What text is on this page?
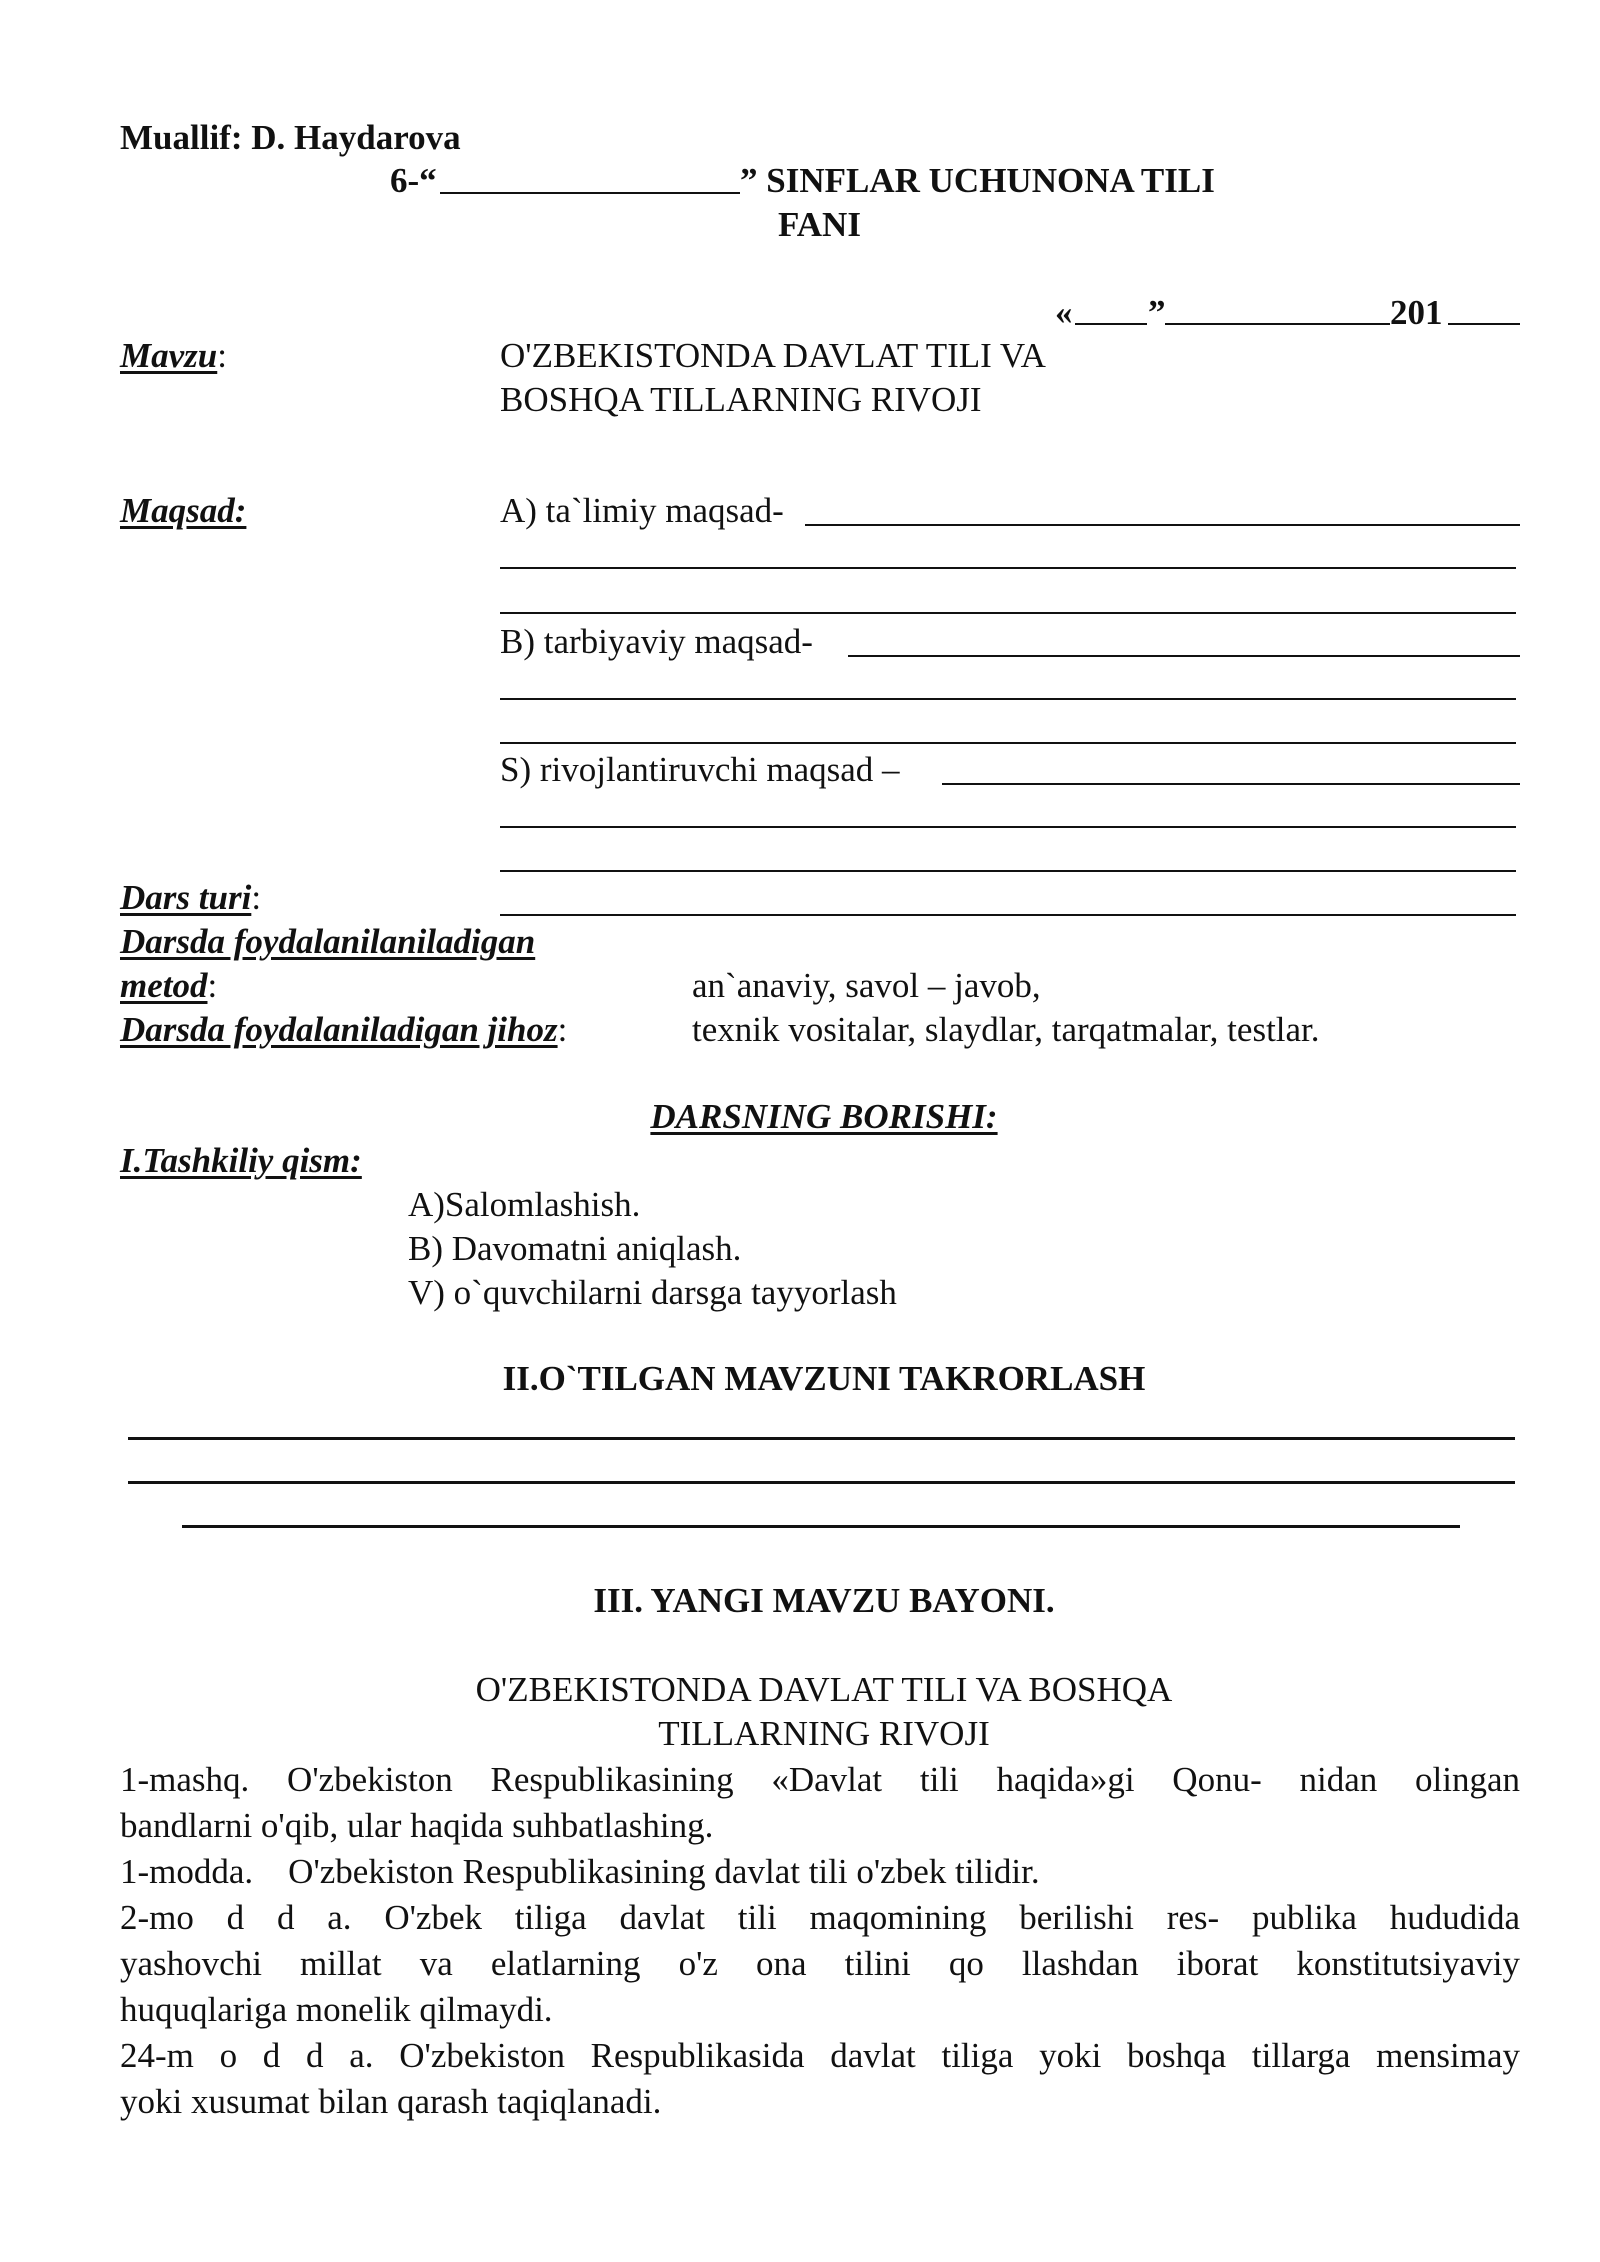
Muallif: D. Haydarova
6-“	” SINFLAR UCHUNONA TILI
FANI
« ”	201
Mavzu:	O'ZBEKISTONDA DAVLAT TILI VA
BOSHQA TILLARNING RIVOJI
Maqsad:	A) ta`limiy maqsad-
B) tarbiyaviy maqsad-
S) rivojlantiruvchi maqsad –
Dars turi:
Darsda foydalanilaniladigan
metod:	an`anaviy, savol – javob,
Darsda foydalaniladigan jihoz:	texnik vositalar, slaydlar, tarqatmalar, testlar.
DARSNING BORISHI:
I.Tashkiliy qism:
A)Salomlashish.
B) Davomatni aniqlash.
V) o`quvchilarni darsga tayyorlash
II.O`TILGAN MAVZUNI TAKRORLASH
III. YANGI MAVZU BAYONI.
O'ZBEKISTONDA DAVLAT TILI VA BOSHQA
TILLARNING RIVOJI
1-mashq. O'zbekiston Respublikasining «Davlat tili haqida»gi Qonu- nidan olingan
bandlarni o'qib, ular haqida suhbatlashing.
1-modda.    O'zbekiston Respublikasining davlat tili o'zbek tilidir.
2-mo d d a. O'zbek tiliga davlat tili maqomining berilishi res- publika hududida
yashovchi millat va elatlarning o'z ona tilini qo llashdan iborat konstitutsiyaviy
huquqlariga monelik qilmaydi.
24-m o d d a. O'zbekiston Respublikasida davlat tiliga yoki boshqa tillarga mensimay
yoki xusumat bilan qarash taqiqlanadi.
